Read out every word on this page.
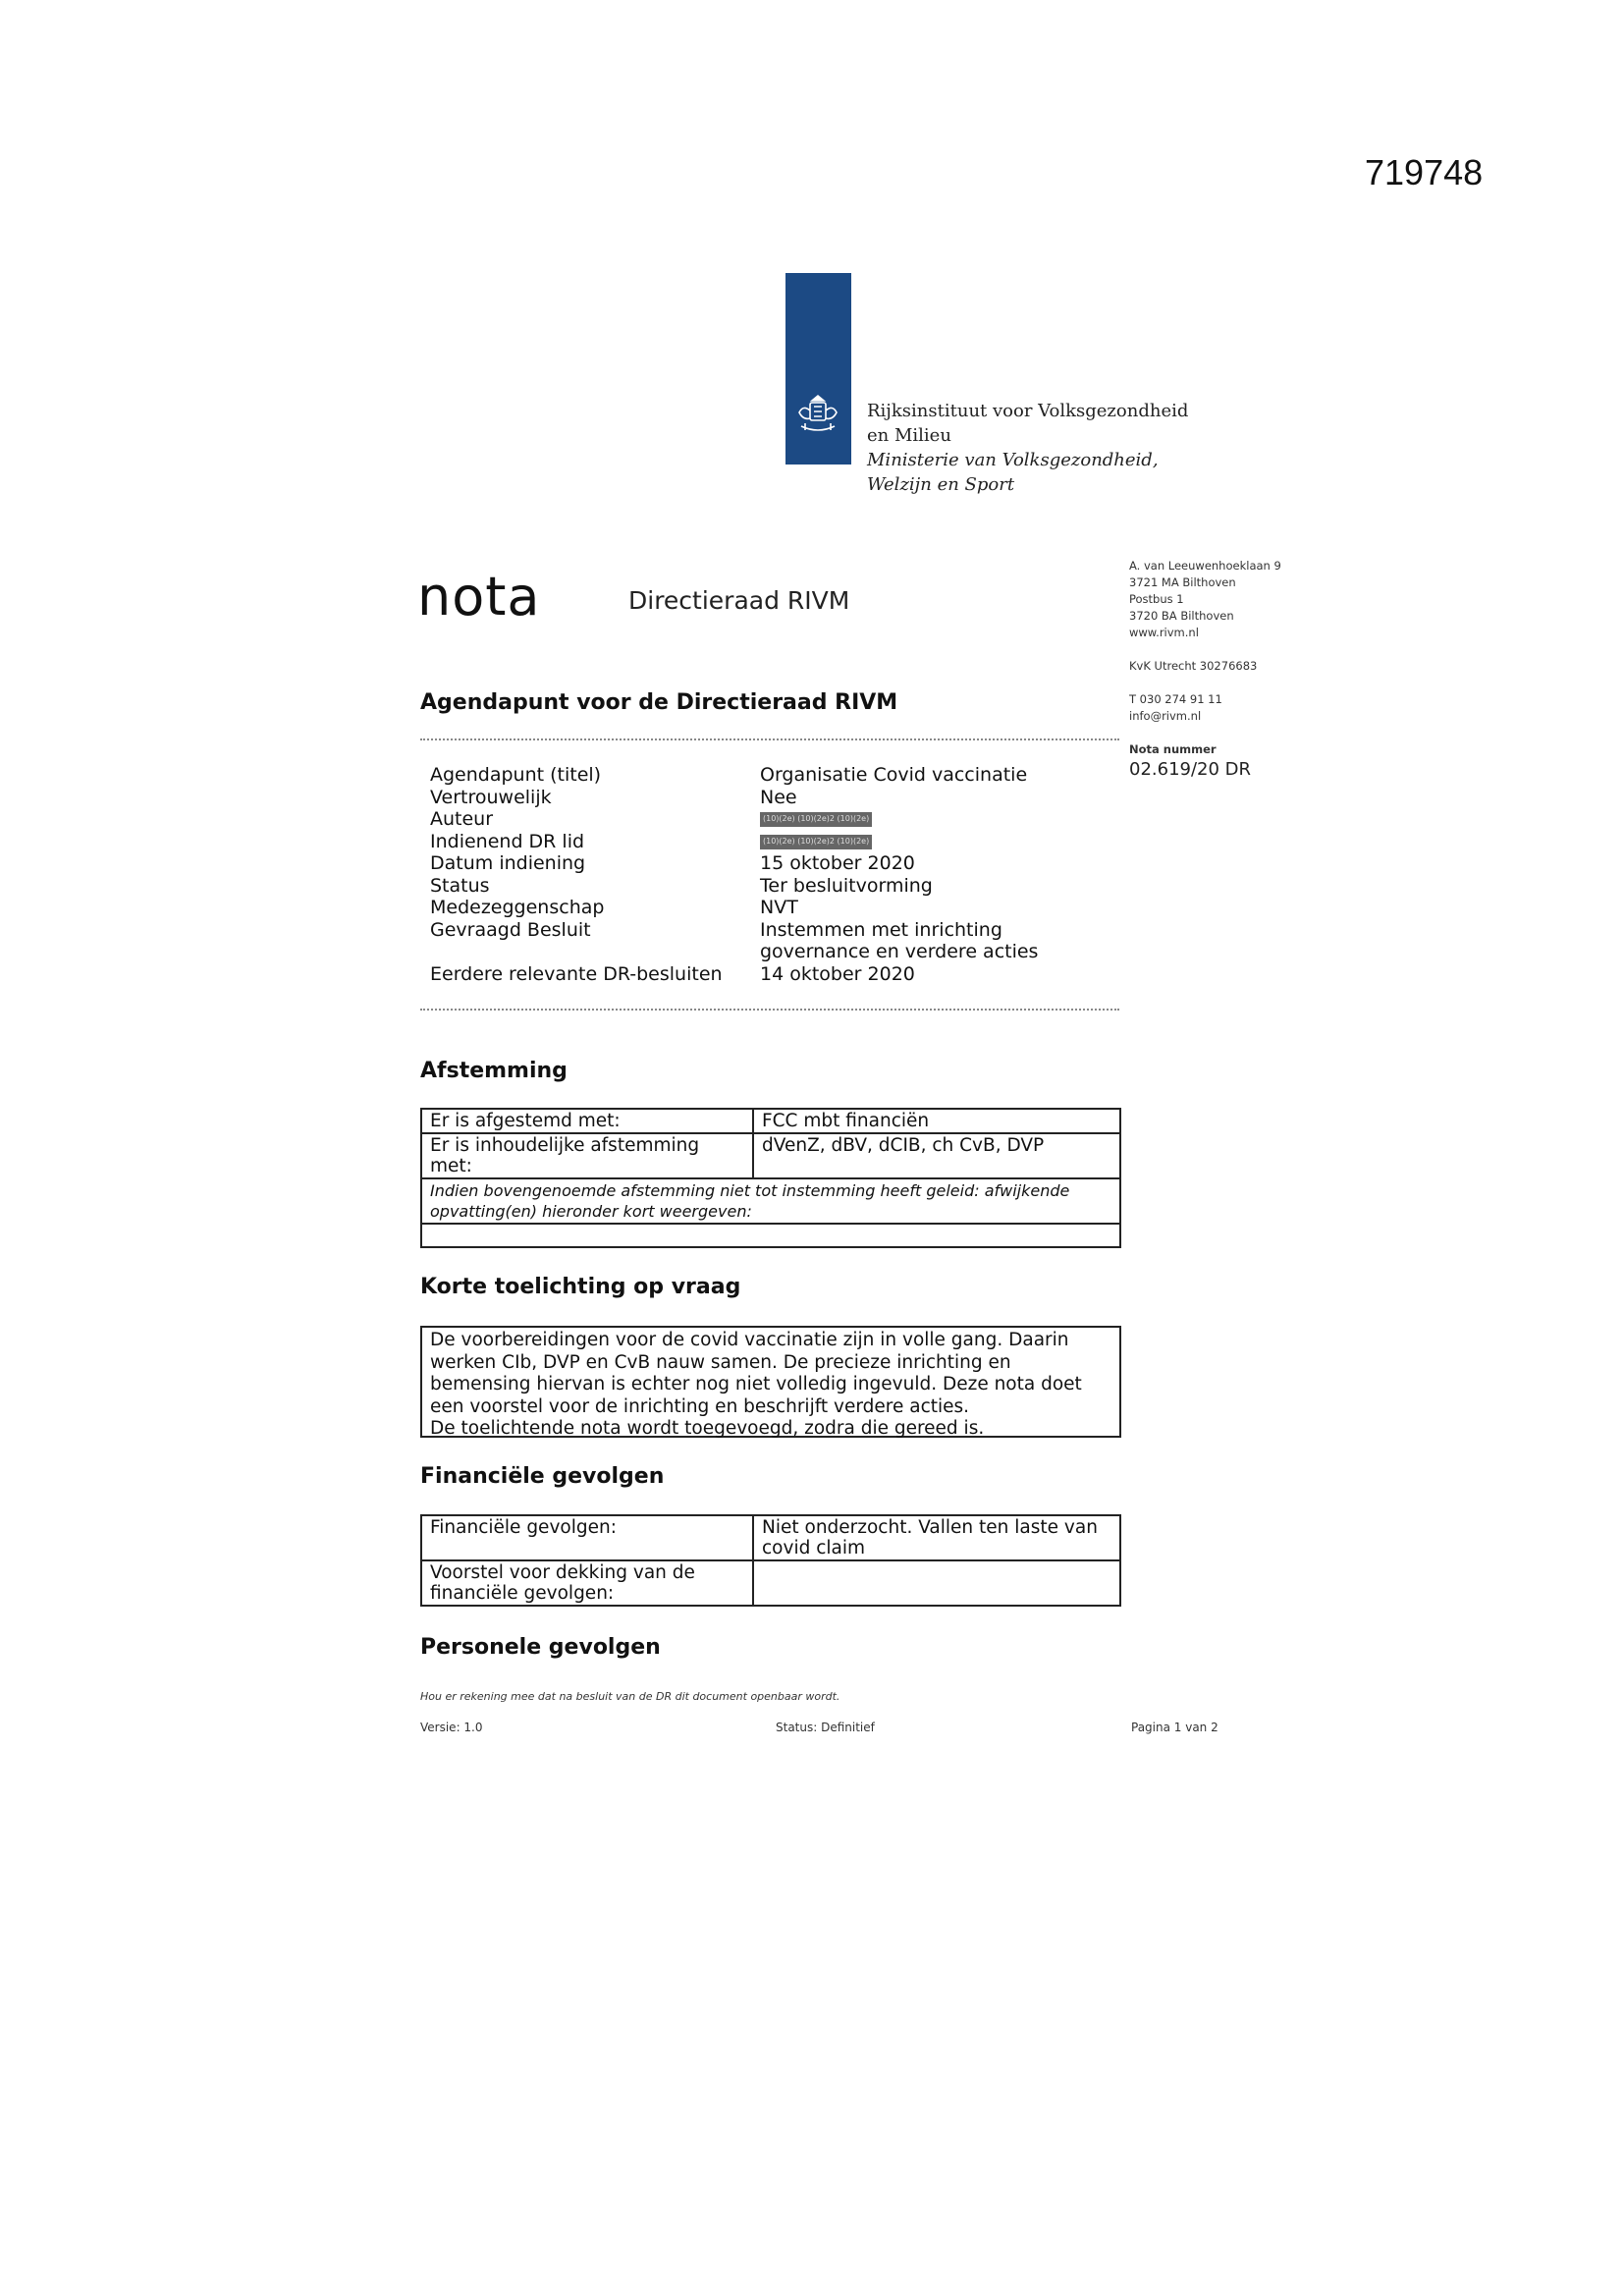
719748
Rijksinstituut voor Volksgezondheid
en Milieu
Ministerie van Volksgezondheid,
Welzijn en Sport
nota	Directieraad RIVM
A. van Leeuwenhoeklaan 9
3721 MA Bilthoven
Postbus 1
3720 BA Bilthoven
www.rivm.nl
KvK Utrecht 30276683
T 030 274 91 11
info@rivm.nl
Nota nummer
02.619/20 DR
Agendapunt voor de Directieraad RIVM
Agendapunt (titel)	Organisatie Covid vaccinatie
Vertrouwelijk	Nee
Auteur	(10)(2e) (10)(2e)2 (10)(2e)
Indienend DR lid	(10)(2e) (10)(2e)2 (10)(2e)
Datum indiening	15 oktober 2020
Status	Ter besluitvorming
Medezeggenschap	NVT
Gevraagd Besluit	Instemmen met inrichting
governance en verdere acties
Eerdere relevante DR-besluiten	14 oktober 2020
Afstemming
Er is afgestemd met:	FCC mbt financiën
Er is inhoudelijke afstemming met:	dVenZ, dBV, dCIB, ch CvB, DVP
Indien bovengenoemde afstemming niet tot instemming heeft geleid: afwijkende opvatting(en) hieronder kort weergeven:	

Korte toelichting op vraag
De voorbereidingen voor de covid vaccinatie zijn in volle gang. Daarin werken CIb, DVP en CvB nauw samen. De precieze inrichting en bemensing hiervan is echter nog niet volledig ingevuld. Deze nota doet een voorstel voor de inrichting en beschrijft verdere acties.
De toelichtende nota wordt toegevoegd, zodra die gereed is.
Financiële gevolgen
Financiële gevolgen:	Niet onderzocht. Vallen ten laste van covid claim
Voorstel voor dekking van de financiële gevolgen:	
Personele gevolgen
Hou er rekening mee dat na besluit van de DR dit document openbaar wordt.
Versie: 1.0	Status: Definitief	Pagina 1 van 2
